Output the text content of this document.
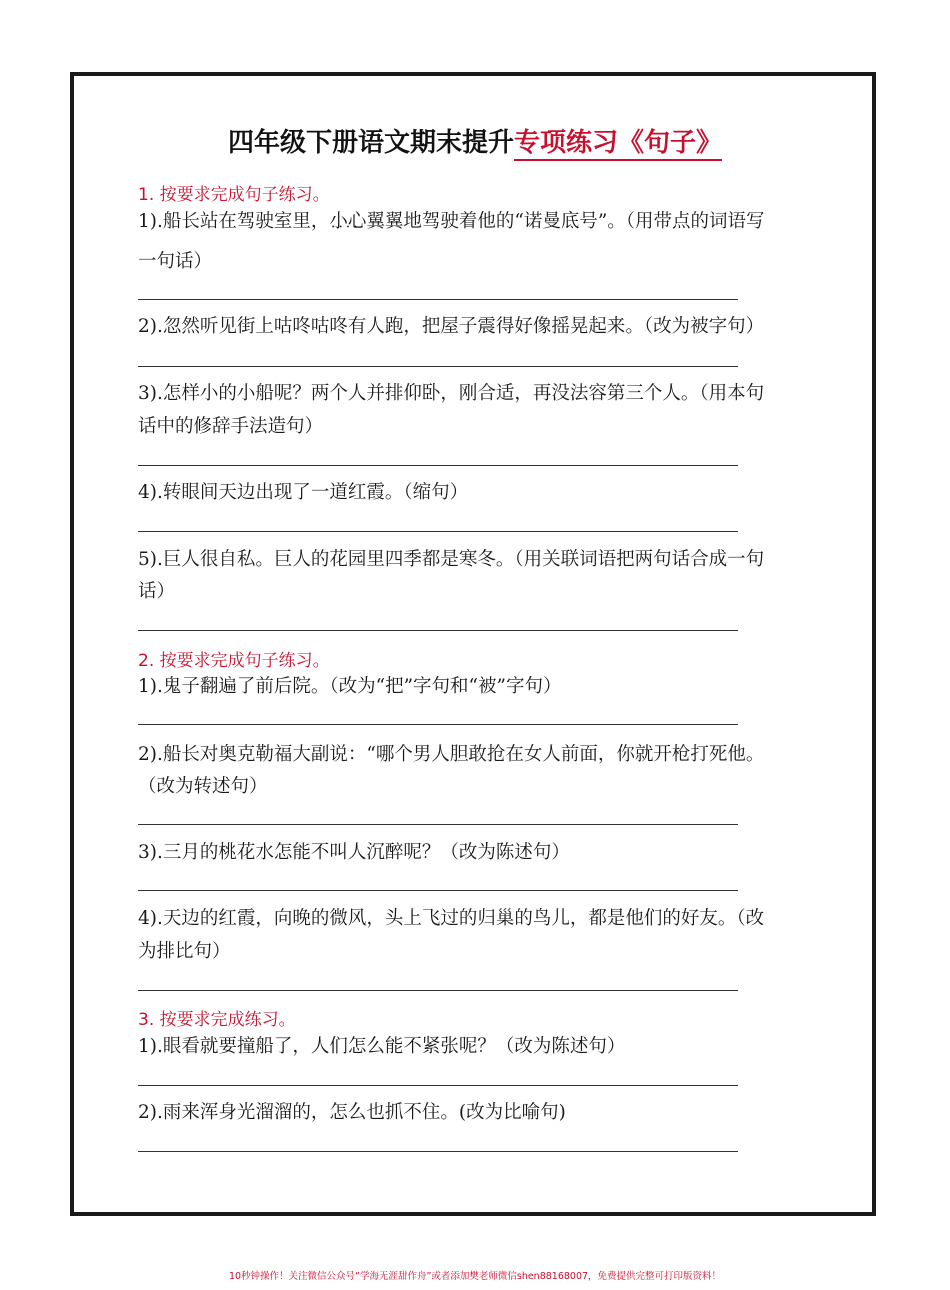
四年级下册语文期末提升专项练习《句子》
1. 按要求完成句子练习。
1).船长站在驾驶室里，小心翼翼 • •地驾驶着他的“诺曼底号”。（用带点的词语写
一句话）
2).忽然听见街上咕咚咕咚有人跑，把屋子震得好像摇晃起来。（改为被字句）
3).怎样小的小船呢？两个人并排仰卧，刚合适，再没法容第三个人。（用本句
话中的修辞手法造句）
4).转眼间天边出现了一道红霞。（缩句）
5).巨人很自私。巨人的花园里四季都是寒冬。（用关联词语把两句话合成一句
话）
2. 按要求完成句子练习。
1).鬼子翻遍了前后院。（改为“把”字句和“被”字句）
2).船长对奥克勒福大副说：“哪个男人胆敢抢在女人前面，你就开枪打死他。
（改为转述句）
3).三月的桃花水怎能不叫人沉醉呢？（改为陈述句）
4).天边的红霞，向晚的微风，头上飞过的归巢的鸟儿，都是他们的好友。（改
为排比句）
3. 按要求完成练习。
1).眼看就要撞船了，人们怎么能不紧张呢？（改为陈述句）
2).雨来浑身光溜溜的，怎么也抓不住。(改为比喻句)
10秒钟操作！关注微信公众号“学海无涯甜作舟”或者添加樊老师微信shen88168007，免费提供完整可打印版资料！
